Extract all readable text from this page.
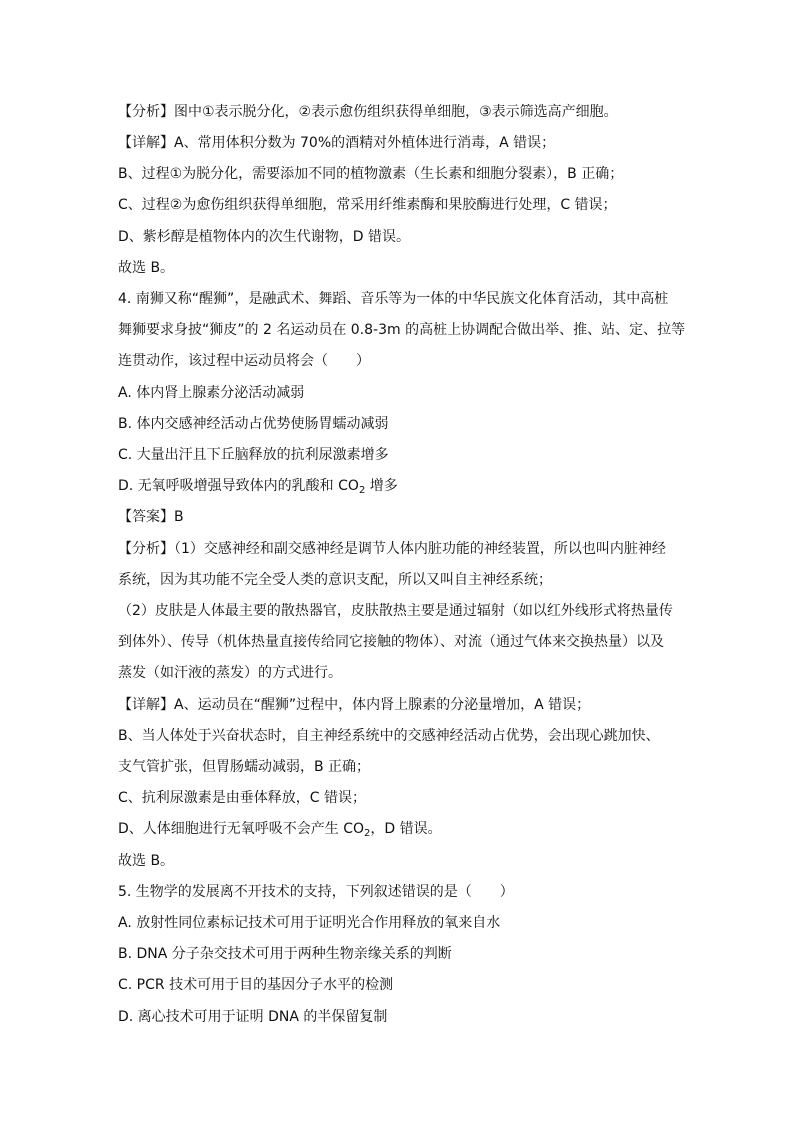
【分析】图中①表示脱分化，②表示愈伤组织获得单细胞，③表示筛选高产细胞。
【详解】A、常用体积分数为 70%的酒精对外植体进行消毒，A 错误；
B、过程①为脱分化，需要添加不同的植物激素（生长素和细胞分裂素），B 正确；
C、过程②为愈伤组织获得单细胞，常采用纤维素酶和果胶酶进行处理，C 错误；
D、紫杉醇是植物体内的次生代谢物，D 错误。
故选 B。
4. 南狮又称“醒狮”，是融武术、舞蹈、音乐等为一体的中华民族文化体育活动，其中高桩
舞狮要求身披“狮皮”的 2 名运动员在 0.8-3m 的高桩上协调配合做出举、推、站、定、拉等
连贯动作，该过程中运动员将会（　　）
A. 体内肾上腺素分泌活动减弱
B. 体内交感神经活动占优势使肠胃蠕动减弱
C. 大量出汗且下丘脑释放的抗利尿激素增多
D. 无氧呼吸增强导致体内的乳酸和 $CO_2$ 增多
【答案】B
【分析】（1）交感神经和副交感神经是调节人体内脏功能的神经装置，所以也叫内脏神经
系统，因为其功能不完全受人类的意识支配，所以又叫自主神经系统；
（2）皮肤是人体最主要的散热器官，皮肤散热主要是通过辐射（如以红外线形式将热量传
到体外）、传导（机体热量直接传给同它接触的物体）、对流（通过气体来交换热量）以及
蒸发（如汗液的蒸发）的方式进行。
【详解】A、运动员在“醒狮”过程中，体内肾上腺素的分泌量增加，A 错误；
B、当人体处于兴奋状态时，自主神经系统中的交感神经活动占优势，会出现心跳加快、
支气管扩张，但胃肠蠕动减弱，B 正确；
C、抗利尿激素是由垂体释放，C 错误；
D、人体细胞进行无氧呼吸不会产生 $CO_2$，D 错误。
故选 B。
5. 生物学的发展离不开技术的支持，下列叙述错误的是（　　）
A. 放射性同位素标记技术可用于证明光合作用释放的氧来自水
B. DNA 分子杂交技术可用于两种生物亲缘关系的判断
C. PCR 技术可用于目的基因分子水平的检测
D. 离心技术可用于证明 DNA 的半保留复制
